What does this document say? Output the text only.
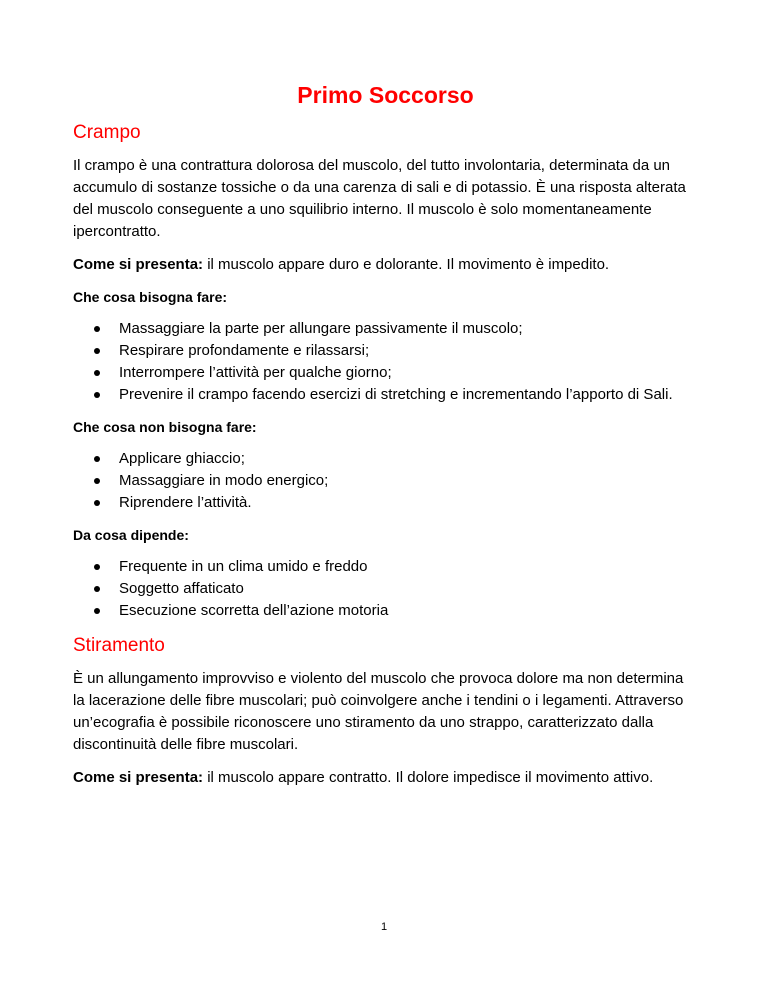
Primo Soccorso
Crampo

Il crampo è una contrattura dolorosa del muscolo, del tutto involontaria, determinata da un accumulo di sostanze tossiche o da una carenza di sali e di potassio. È una risposta alterata del muscolo conseguente a uno squilibrio interno. Il muscolo è solo momentaneamente ipercontratto.

Come si presenta: il muscolo appare duro e dolorante. Il movimento è impedito.

Che cosa bisogna fare:
Massaggiare la parte per allungare passivamente il muscolo;
Respirare profondamente e rilassarsi;
Interrompere l’attività per qualche giorno;
Prevenire il crampo facendo esercizi di stretching e incrementando l’apporto di Sali.
Che cosa non bisogna fare:
Applicare ghiaccio;
Massaggiare in modo energico;
Riprendere l’attività.
Da cosa dipende:
Frequente in un clima umido e freddo
Soggetto affaticato
Esecuzione scorretta dell’azione motoria
Stiramento

È un allungamento improvviso e violento del muscolo che provoca dolore ma non determina la lacerazione delle fibre muscolari; può coinvolgere anche i tendini o i legamenti. Attraverso un’ecografia è possibile riconoscere uno stiramento da uno strappo, caratterizzato dalla discontinuità delle fibre muscolari.

Come si presenta: il muscolo appare contratto. Il dolore impedisce il movimento attivo.

1
